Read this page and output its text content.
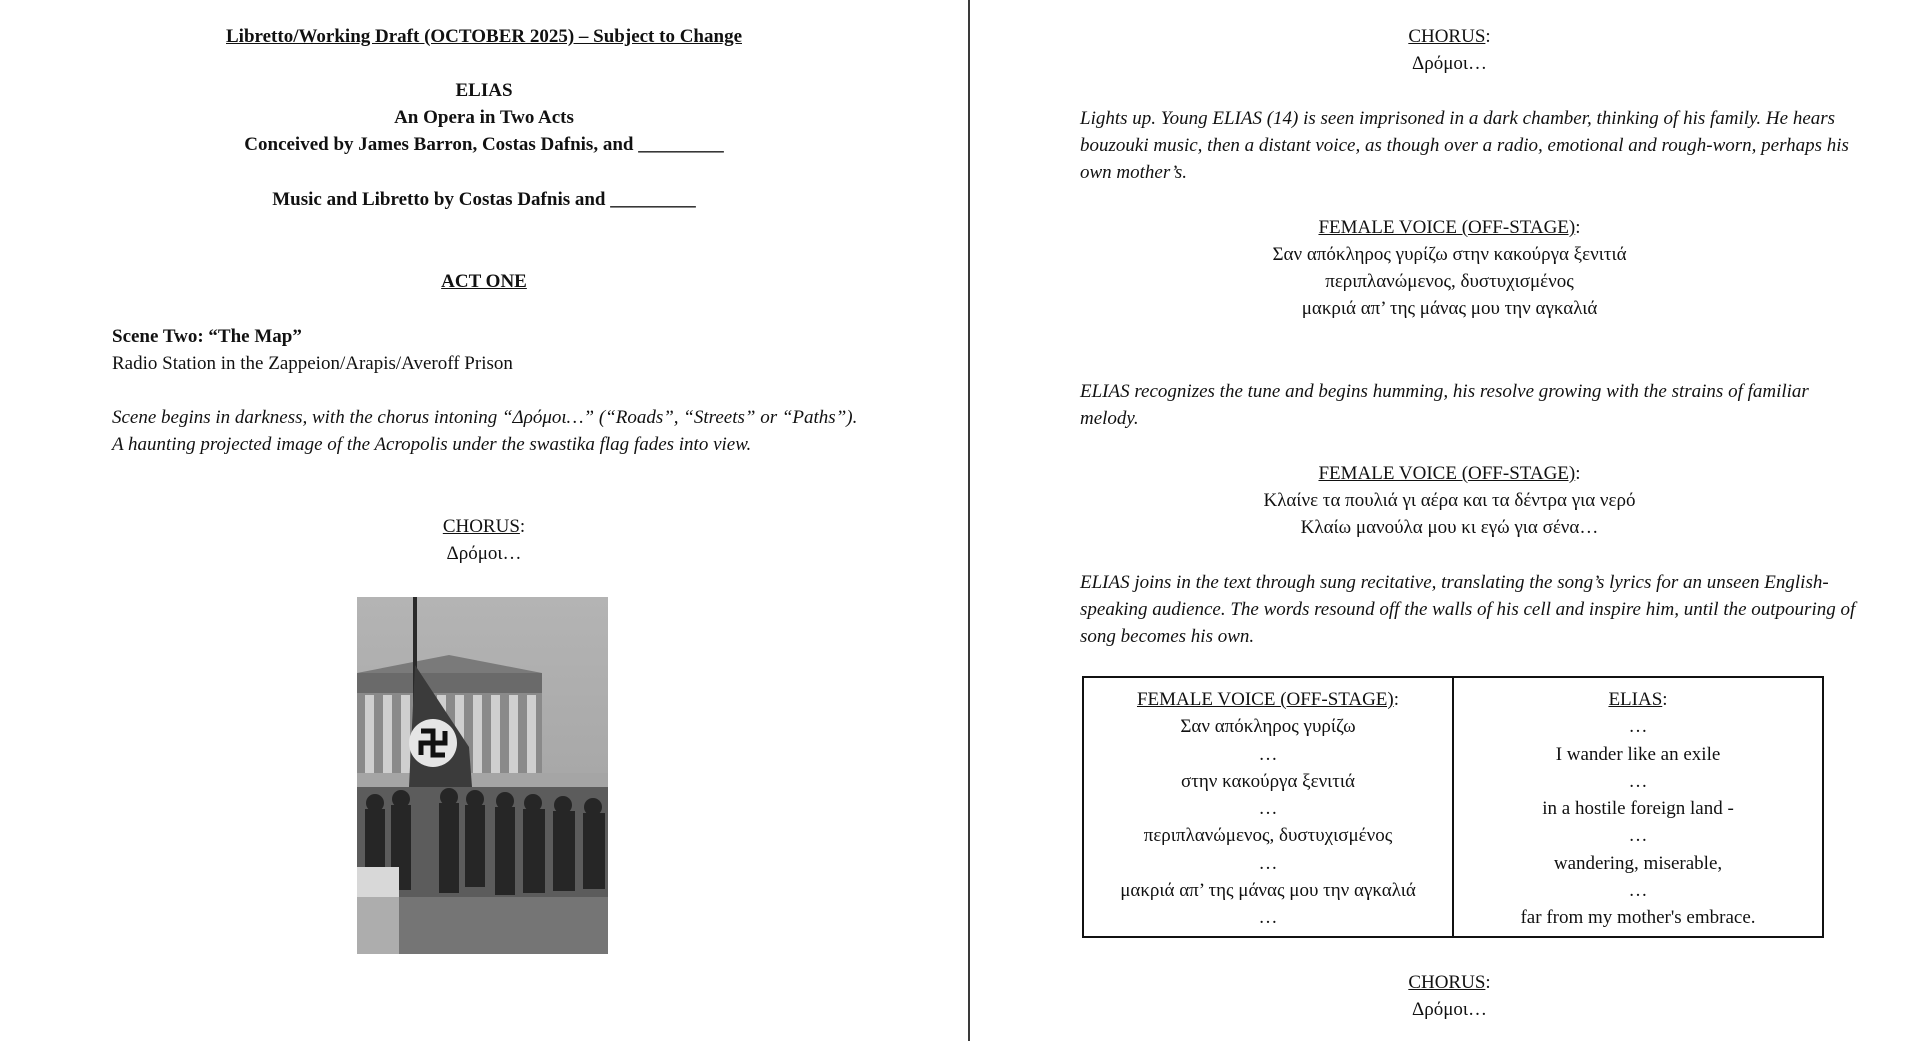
Libretto/Working Draft (OCTOBER 2025) – Subject to Change
ELIAS
An Opera in Two Acts
Conceived by James Barron, Costas Dafnis, and _________
Music and Libretto by Costas Dafnis and _________
ACT ONE
Scene Two: “The Map”
Radio Station in the Zappeion/Arapis/Averoff Prison
Scene begins in darkness, with the chorus intoning “Δρόμοι…” (“Roads”, “Streets” or “Paths”). A haunting projected image of the Acropolis under the swastika flag fades into view.
CHORUS:
Δρόμοι…
CHORUS:
Δρόμοι…
Lights up. Young ELIAS (14) is seen imprisoned in a dark chamber, thinking of his family. He hears bouzouki music, then a distant voice, as though over a radio, emotional and rough-worn, perhaps his own mother’s.
FEMALE VOICE (OFF-STAGE):
Σαν απόκληρος γυρίζω στην κακούργα ξενιτιά
περιπλανώμενος, δυστυχισμένος
μακριά απ’ της μάνας μου την αγκαλιά
ELIAS recognizes the tune and begins humming, his resolve growing with the strains of familiar melody.
FEMALE VOICE (OFF-STAGE):
Κλαίνε τα πουλιά γι αέρα και τα δέντρα για νερό
Κλαίω μανούλα μου κι εγώ για σένα…
ELIAS joins in the text through sung recitative, translating the song’s lyrics for an unseen English-speaking audience. The words resound off the walls of his cell and inspire him, until the outpouring of song becomes his own.
FEMALE VOICE (OFF-STAGE):
Σαν απόκληρος γυρίζω
…
στην κακούργα ξενιτιά
…
περιπλανώμενος, δυστυχισμένος
…
μακριά απ’ της μάνας μου την αγκαλιά
…
ELIAS:
…
I wander like an exile
…
in a hostile foreign land -
…
wandering, miserable,
…
far from my mother's embrace.
CHORUS:
Δρόμοι…
